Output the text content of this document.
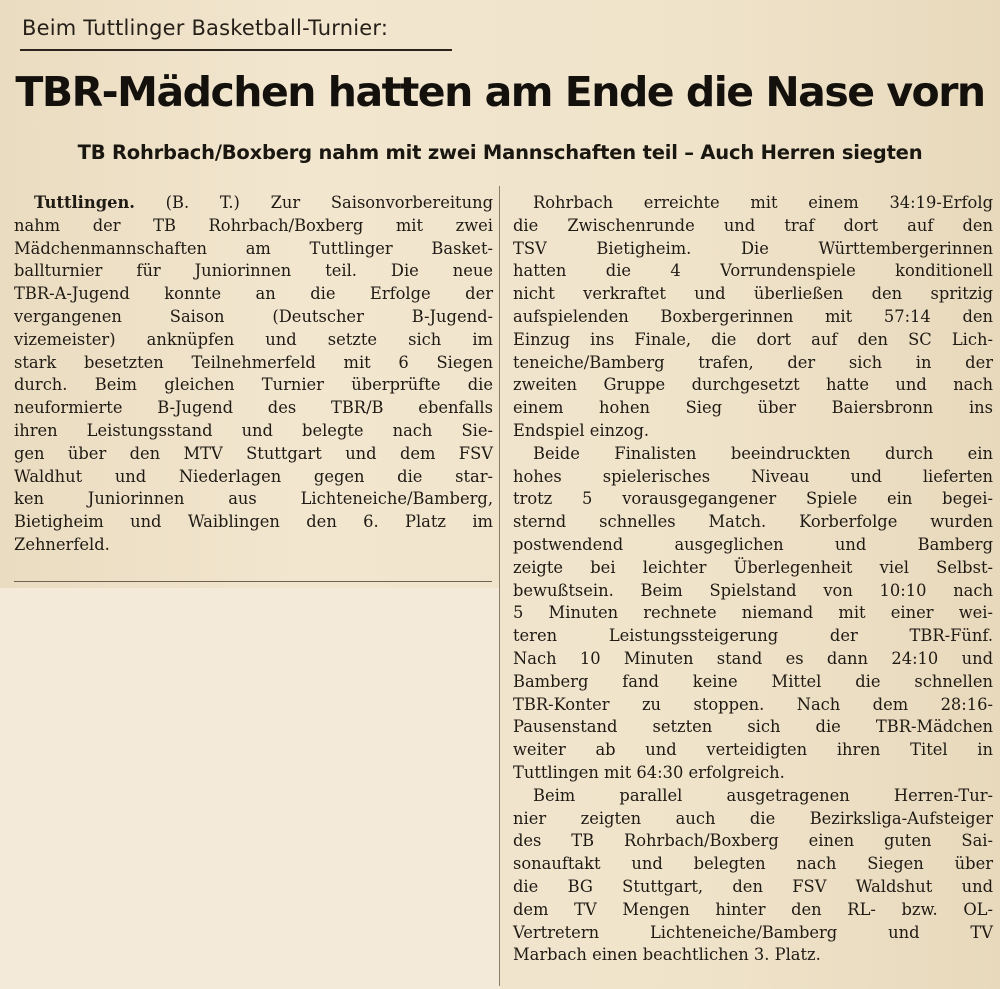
Beim Tuttlinger Basketball-Turnier:
TBR-Mädchen hatten am Ende die Nase vorn
TB Rohrbach/Boxberg nahm mit zwei Mannschaften teil – Auch Herren siegten
Tuttlingen. (B. T.) Zur Saisonvorbereitung
nahm der TB Rohrbach/Boxberg mit zwei
Mädchenmannschaften am Tuttlinger Basket-
ballturnier für Juniorinnen teil. Die neue
TBR-A-Jugend konnte an die Erfolge der
vergangenen Saison (Deutscher B-Jugend-
vizemeister) anknüpfen und setzte sich im
stark besetzten Teilnehmerfeld mit 6 Siegen
durch. Beim gleichen Turnier überprüfte die
neuformierte B-Jugend des TBR/B ebenfalls
ihren Leistungsstand und belegte nach Sie-
gen über den MTV Stuttgart und dem FSV
Waldhut und Niederlagen gegen die star-
ken Juniorinnen aus Lichteneiche/Bamberg,
Bietigheim und Waiblingen den 6. Platz im
Zehnerfeld.
Rohrbach erreichte mit einem 34:19-Erfolg
die Zwischenrunde und traf dort auf den
TSV Bietigheim. Die Württembergerinnen
hatten die 4 Vorrundenspiele konditionell
nicht verkraftet und überließen den spritzig
aufspielenden Boxbergerinnen mit 57:14 den
Einzug ins Finale, die dort auf den SC Lich-
teneiche/Bamberg trafen, der sich in der
zweiten Gruppe durchgesetzt hatte und nach
einem hohen Sieg über Baiersbronn ins
Endspiel einzog.
Beide Finalisten beeindruckten durch ein
hohes spielerisches Niveau und lieferten
trotz 5 vorausgegangener Spiele ein begei-
sternd schnelles Match. Korberfolge wurden
postwendend ausgeglichen und Bamberg
zeigte bei leichter Überlegenheit viel Selbst-
bewußtsein. Beim Spielstand von 10:10 nach
5 Minuten rechnete niemand mit einer wei-
teren Leistungssteigerung der TBR-Fünf.
Nach 10 Minuten stand es dann 24:10 und
Bamberg fand keine Mittel die schnellen
TBR-Konter zu stoppen. Nach dem 28:16-
Pausenstand setzten sich die TBR-Mädchen
weiter ab und verteidigten ihren Titel in
Tuttlingen mit 64:30 erfolgreich.
Beim parallel ausgetragenen Herren-Tur-
nier zeigten auch die Bezirksliga-Aufsteiger
des TB Rohrbach/Boxberg einen guten Sai-
sonauftakt und belegten nach Siegen über
die BG Stuttgart, den FSV Waldshut und
dem TV Mengen hinter den RL- bzw. OL-
Vertretern Lichteneiche/Bamberg und TV
Marbach einen beachtlichen 3. Platz.
